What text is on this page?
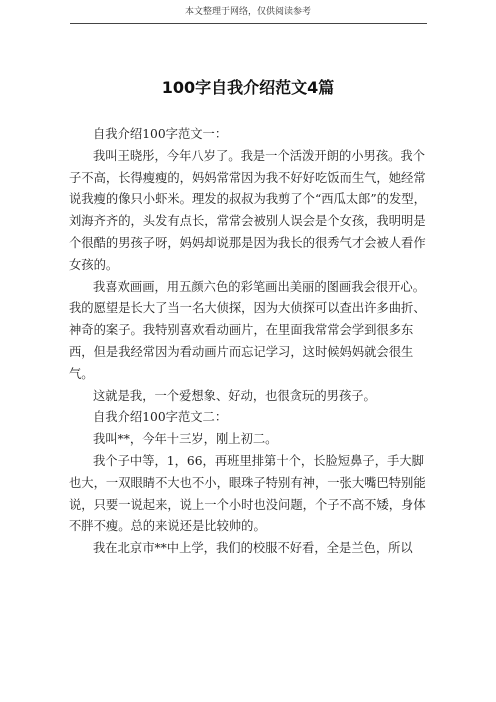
本文整理于网络，仅供阅读参考
100字自我介绍范文4篇

自我介绍100字范文一：

我叫王晓彤，今年八岁了。我是一个活泼开朗的小男孩。我个子不高，长得瘦瘦的，妈妈常常因为我不好好吃饭而生气，她经常说我瘦的像只小虾米。理发的叔叔为我剪了个“西瓜太郎”的发型，刘海齐齐的，头发有点长，常常会被别人误会是个女孩，我明明是个很酷的男孩子呀，妈妈却说那是因为我长的很秀气才会被人看作女孩的。

我喜欢画画，用五颜六色的彩笔画出美丽的图画我会很开心。我的愿望是长大了当一名大侦探，因为大侦探可以查出许多曲折、神奇的案子。我特别喜欢看动画片，在里面我常常会学到很多东西，但是我经常因为看动画片而忘记学习，这时候妈妈就会很生气。

这就是我，一个爱想象、好动，也很贪玩的男孩子。

自我介绍100字范文二：

我叫**，今年十三岁，刚上初二。

我个子中等，1，66，再班里排第十个，长脸短鼻子，手大脚也大，一双眼睛不大也不小，眼珠子特别有神，一张大嘴巴特别能说，只要一说起来，说上一个小时也没问题，个子不高不矮，身体不胖不瘦。总的来说还是比较帅的。

我在北京市**中上学，我们的校服不好看，全是兰色，所以
